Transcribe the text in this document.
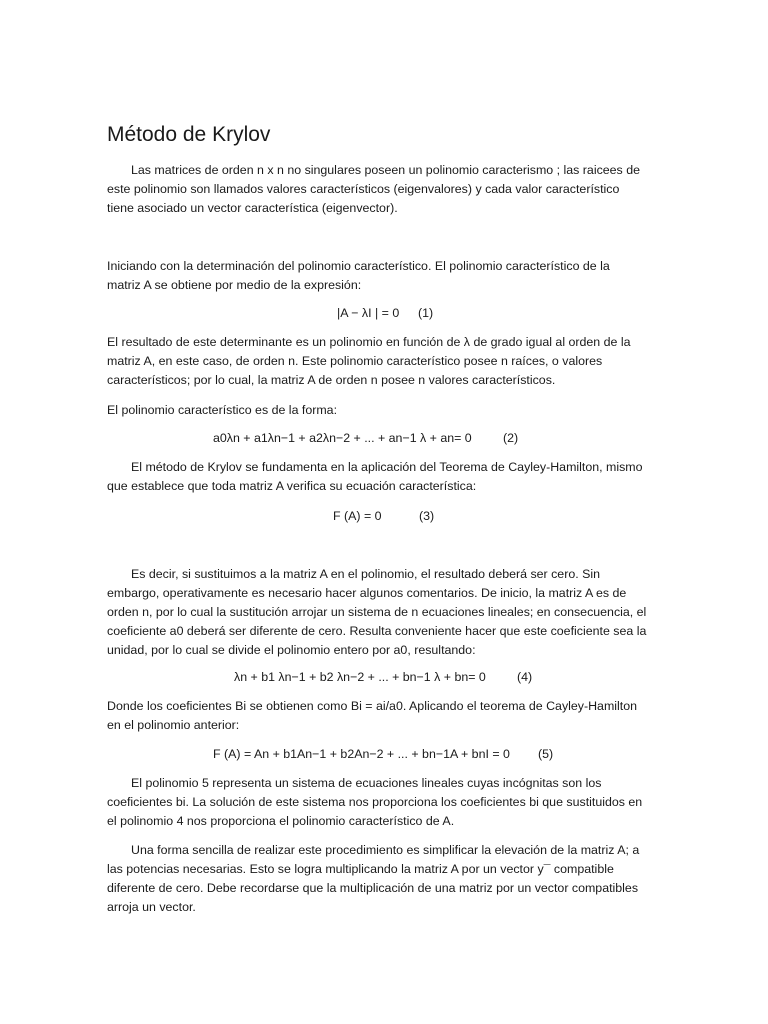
Método de Krylov
Las matrices de orden n x n no singulares poseen un polinomio caracterismo ; las raicees de
este polinomio son llamados valores característicos (eigenvalores) y cada valor característico
tiene asociado un vector característica (eigenvector).
Iniciando con la determinación del polinomio característico. El polinomio característico de la
matriz A se obtiene por medio de la expresión:
|A − λI | = 0 (1)
El resultado de este determinante es un polinomio en función de λ de grado igual al orden de la
matriz A, en este caso, de orden n. Este polinomio característico posee n raíces, o valores
característicos; por lo cual, la matriz A de orden n posee n valores característicos.
El polinomio característico es de la forma:
a0λn + a1λn−1 + a2λn−2 + ... + an−1 λ + an= 0	(2)
El método de Krylov se fundamenta en la aplicación del Teorema de Cayley-Hamilton, mismo
que establece que toda matriz A verifica su ecuación característica:
F (A) = 0	(3)
Es decir, si sustituimos a la matriz A en el polinomio, el resultado deberá ser cero. Sin
embargo, operativamente es necesario hacer algunos comentarios. De inicio, la matriz A es de
orden n, por lo cual la sustitución arrojar un sistema de n ecuaciones lineales; en consecuencia, el
coeficiente a0 deberá ser diferente de cero. Resulta conveniente hacer que este coeficiente sea la
unidad, por lo cual se divide el polinomio entero por a0, resultando:
λn + b1 λn−1 + b2 λn−2 + ... + bn−1 λ + bn= 0	(4)
Donde los coeficientes Bi se obtienen como Bi = ai/a0. Aplicando el teorema de Cayley-Hamilton
en el polinomio anterior:
F (A) = An + b1An−1 + b2An−2 + ... + bn−1A + bnI = 0 (5)
El polinomio 5 representa un sistema de ecuaciones lineales cuyas incógnitas son los
coeficientes bi. La solución de este sistema nos proporciona los coeficientes bi que sustituidos en
el polinomio 4 nos proporciona el polinomio característico de A.
Una forma sencilla de realizar este procedimiento es simplificar la elevación de la matriz A; a
las potencias necesarias. Esto se logra multiplicando la matriz A por un vector y¯ compatible
diferente de cero. Debe recordarse que la multiplicación de una matriz por un vector compatibles
arroja un vector.
